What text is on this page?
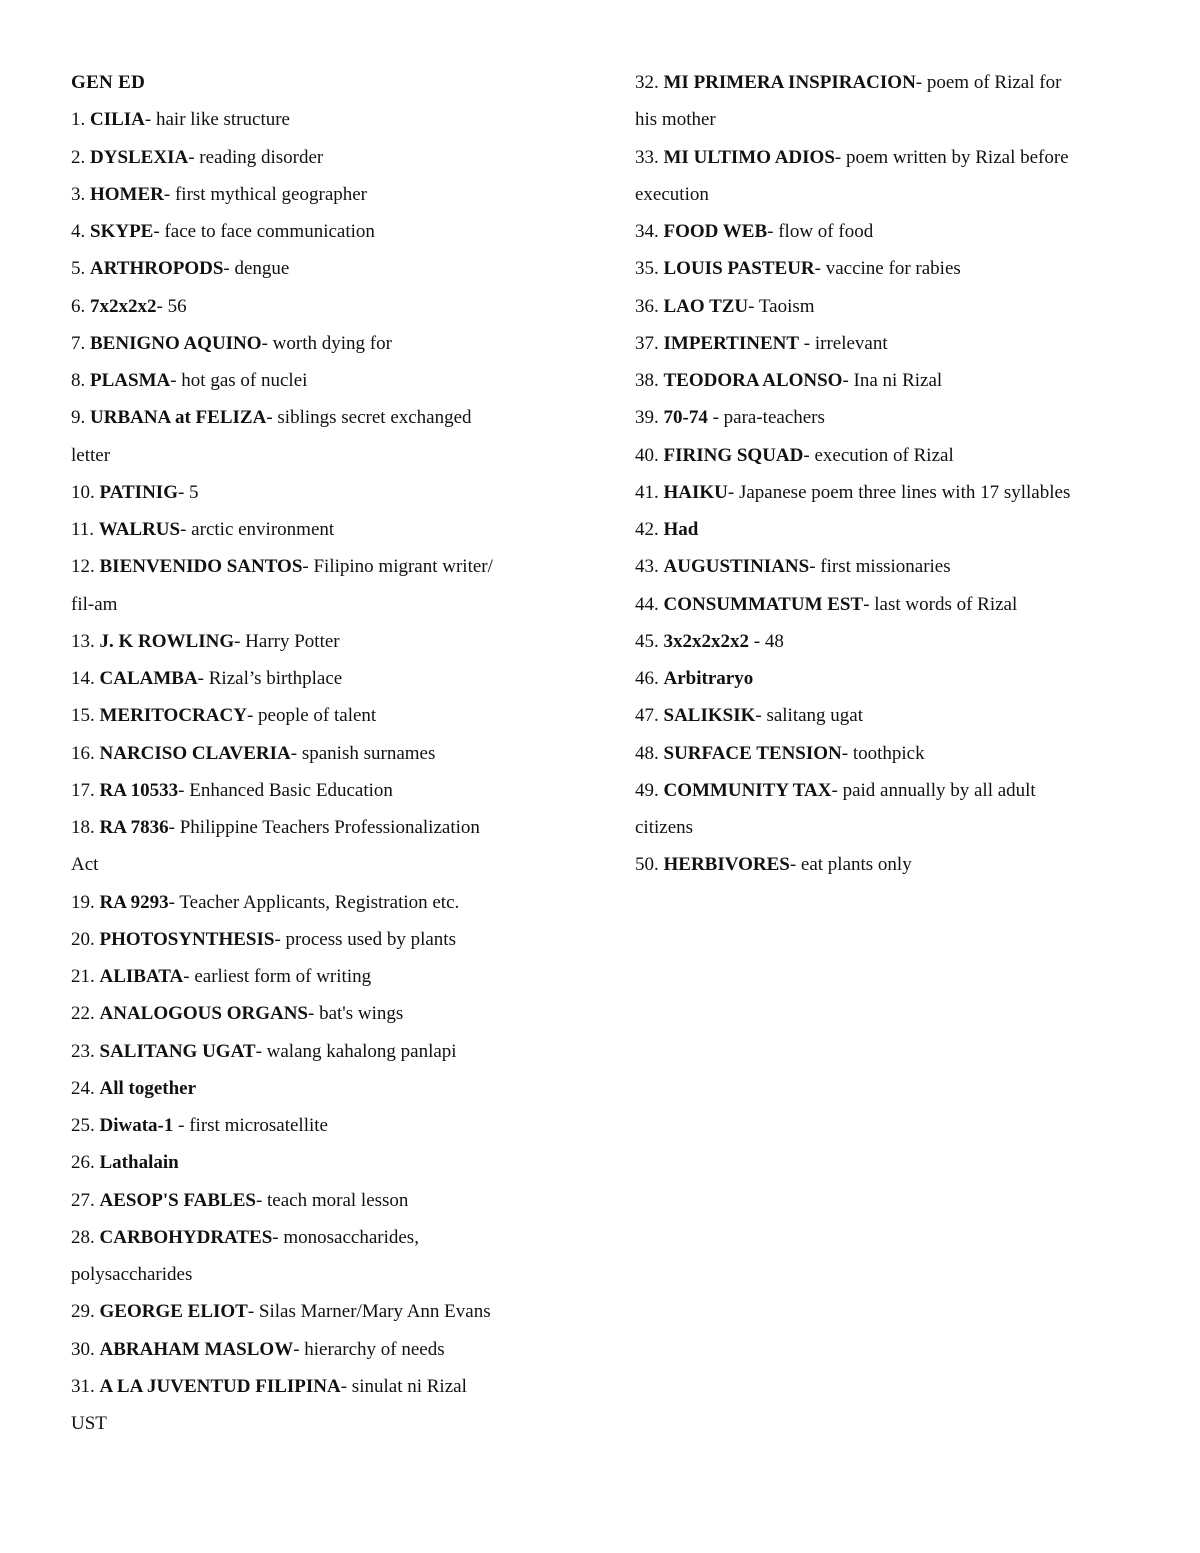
GEN ED
1. CILIA- hair like structure
2. DYSLEXIA- reading disorder
3. HOMER- first mythical geographer
4. SKYPE- face to face communication
5. ARTHROPODS- dengue
6. 7x2x2x2- 56
7. BENIGNO AQUINO- worth dying for
8. PLASMA- hot gas of nuclei
9. URBANA at FELIZA- siblings secret exchanged
letter
10. PATINIG- 5
11. WALRUS- arctic environment
12. BIENVENIDO SANTOS- Filipino migrant writer/
fil-am
13. J. K ROWLING- Harry Potter
14. CALAMBA- Rizal’s birthplace
15. MERITOCRACY- people of talent
16. NARCISO CLAVERIA- spanish surnames
17. RA 10533- Enhanced Basic Education
18. RA 7836- Philippine Teachers Professionalization
Act
19. RA 9293- Teacher Applicants, Registration etc.
20. PHOTOSYNTHESIS- process used by plants
21. ALIBATA- earliest form of writing
22. ANALOGOUS ORGANS- bat's wings
23. SALITANG UGAT- walang kahalong panlapi
24. All together
25. Diwata-1 - first microsatellite
26. Lathalain
27. AESOP'S FABLES- teach moral lesson
28. CARBOHYDRATES- monosaccharides,
polysaccharides
29. GEORGE ELIOT- Silas Marner/Mary Ann Evans
30. ABRAHAM MASLOW- hierarchy of needs
31. A LA JUVENTUD FILIPINA- sinulat ni Rizal
UST
32. MI PRIMERA INSPIRACION- poem of Rizal for
his mother
33. MI ULTIMO ADIOS- poem written by Rizal before
execution
34. FOOD WEB- flow of food
35. LOUIS PASTEUR- vaccine for rabies
36. LAO TZU- Taoism
37. IMPERTINENT - irrelevant
38. TEODORA ALONSO- Ina ni Rizal
39. 70-74 - para-teachers
40. FIRING SQUAD- execution of Rizal
41. HAIKU- Japanese poem three lines with 17 syllables
42. Had
43. AUGUSTINIANS- first missionaries
44. CONSUMMATUM EST- last words of Rizal
45. 3x2x2x2x2 - 48
46. Arbitraryo
47. SALIKSIK- salitang ugat
48. SURFACE TENSION- toothpick
49. COMMUNITY TAX- paid annually by all adult
citizens
50. HERBIVORES- eat plants only
